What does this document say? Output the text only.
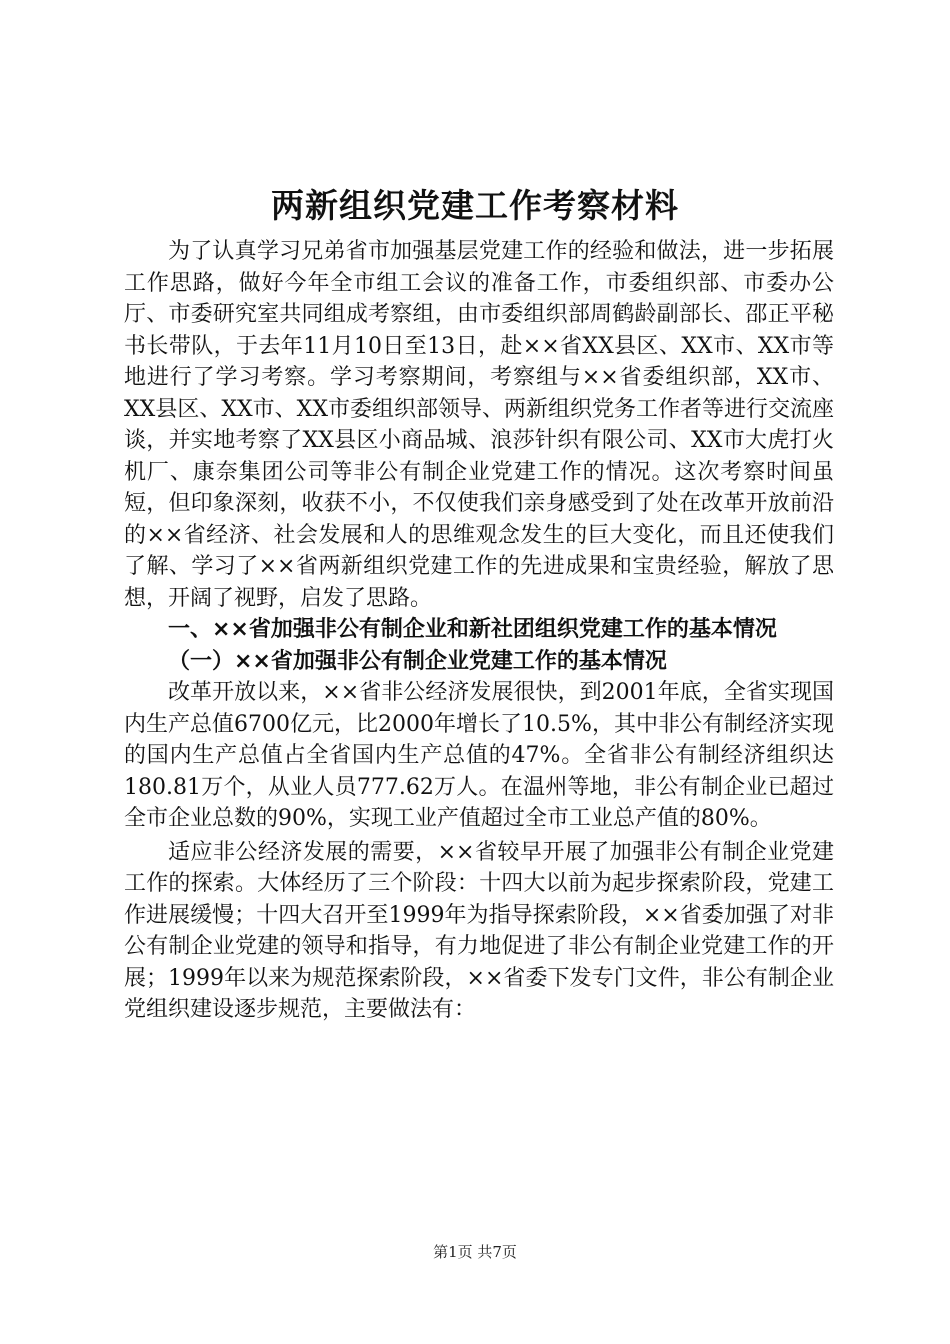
两新组织党建工作考察材料

为了认真学习兄弟省市加强基层党建工作的经验和做法，进一步拓展工作思路，做好今年全市组工会议的准备工作，市委组织部、市委办公厅、市委研究室共同组成考察组，由市委组织部周鹤龄副部长、邵正平秘书长带队，于去年11月10日至13日，赴××省XX县区、XX市、XX市等地进行了学习考察。学习考察期间，考察组与××省委组织部，XX市、XX县区、XX市、XX市委组织部领导、两新组织党务工作者等进行交流座谈，并实地考察了XX县区小商品城、浪莎针织有限公司、XX市大虎打火机厂、康奈集团公司等非公有制企业党建工作的情况。这次考察时间虽短，但印象深刻，收获不小，不仅使我们亲身感受到了处在改革开放前沿的××省经济、社会发展和人的思维观念发生的巨大变化，而且还使我们了解、学习了××省两新组织党建工作的先进成果和宝贵经验，解放了思想，开阔了视野，启发了思路。

一、××省加强非公有制企业和新社团组织党建工作的基本情况

（一）××省加强非公有制企业党建工作的基本情况

改革开放以来，××省非公经济发展很快，到2001年底，全省实现国内生产总值6700亿元，比2000年增长了10.5%，其中非公有制经济实现的国内生产总值占全省国内生产总值的47%。全省非公有制经济组织达180.81万个，从业人员777.62万人。在温州等地，非公有制企业已超过全市企业总数的90%，实现工业产值超过全市工业总产值的80%。

适应非公经济发展的需要，××省较早开展了加强非公有制企业党建工作的探索。大体经历了三个阶段：十四大以前为起步探索阶段，党建工作进展缓慢；十四大召开至1999年为指导探索阶段，××省委加强了对非公有制企业党建的领导和指导，有力地促进了非公有制企业党建工作的开展；1999年以来为规范探索阶段，××省委下发专门文件，非公有制企业党组织建设逐步规范，主要做法有：

第1页 共7页
